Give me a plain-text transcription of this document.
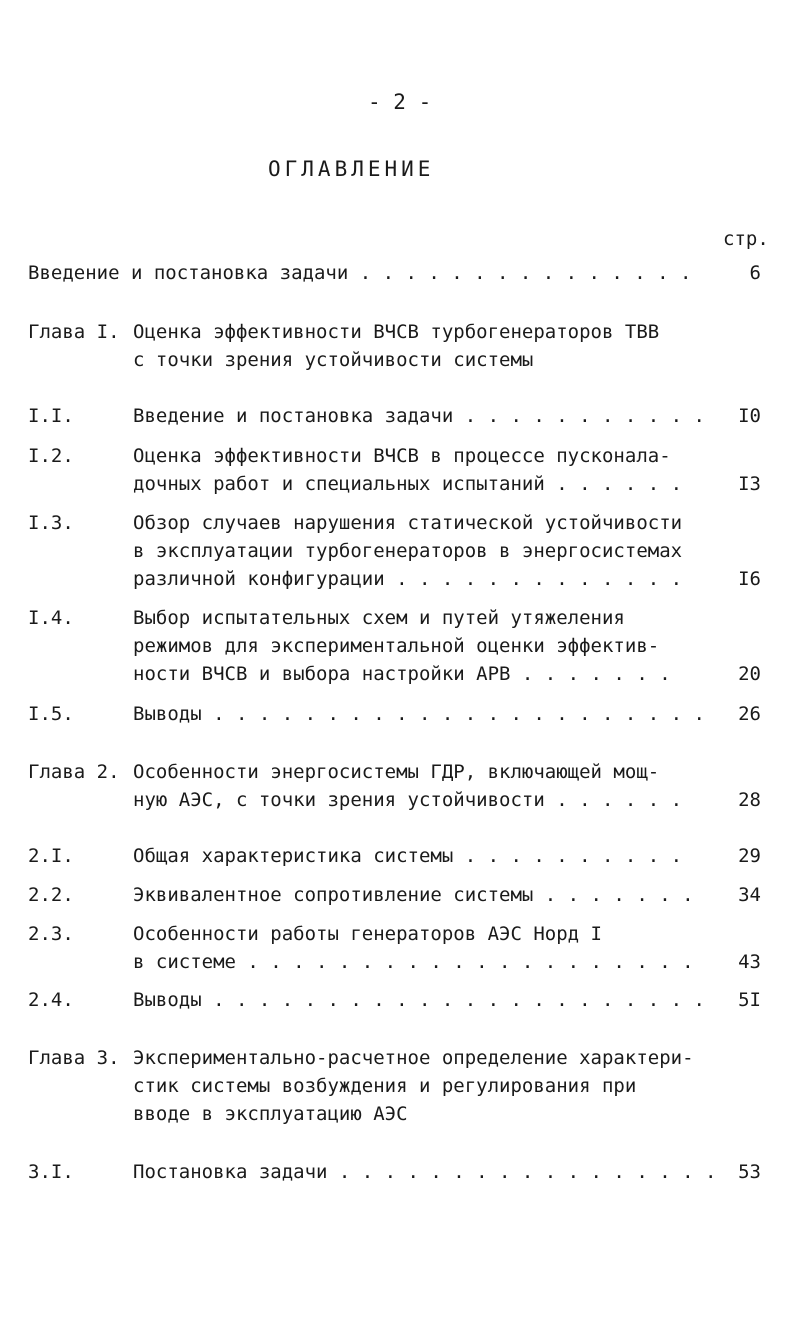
- 2 -
ОГЛАВЛЕНИЕ
стр.
Введение и постановка задачи . . . . . . . . . . . . . . .	6
Глава I. Оценка эффективности ВЧСВ турбогенераторов ТВВ
с точки зрения устойчивости системы
I.I.	Введение и постановка задачи . . . . . . . . . . . I0
I.2.	Оценка эффективности ВЧСВ в процессе пусконала-
дочных работ и специальных испытаний . . . . . .	I3
I.3.	Обзор случаев нарушения статической устойчивости
в эксплуатации турбогенераторов в энергосистемах
различной конфигурации . . . . . . . . . . . . .	I6
I.4.	Выбор испытательных схем и путей утяжеления
режимов для экспериментальной оценки эффектив-
ности ВЧСВ и выбора настройки АРВ . . . . . . .	20
I.5.	Выводы . . . . . . . . . . . . . . . . . . . . . . 26
Глава 2. Особенности энергосистемы ГДР, включающей мощ-
ную АЭС, с точки зрения устойчивости . . . . . .	28
2.I.	Общая характеристика системы . . . . . . . . . .	29
2.2.	Эквивалентное сопротивление системы . . . . . . . 34
2.3.	Особенности работы генераторов АЭС Норд I
в системе . . . . . . . . . . . . . . . . . . . . 43
2.4.	Выводы . . . . . . . . . . . . . . . . . . . . . . 5I
Глава 3. Экспериментально-расчетное определение характери-
стик системы возбуждения и регулирования при
вводе в эксплуатацию АЭС
3.I.	Постановка задачи . . . . . . . . . . . . . . . . . 53
